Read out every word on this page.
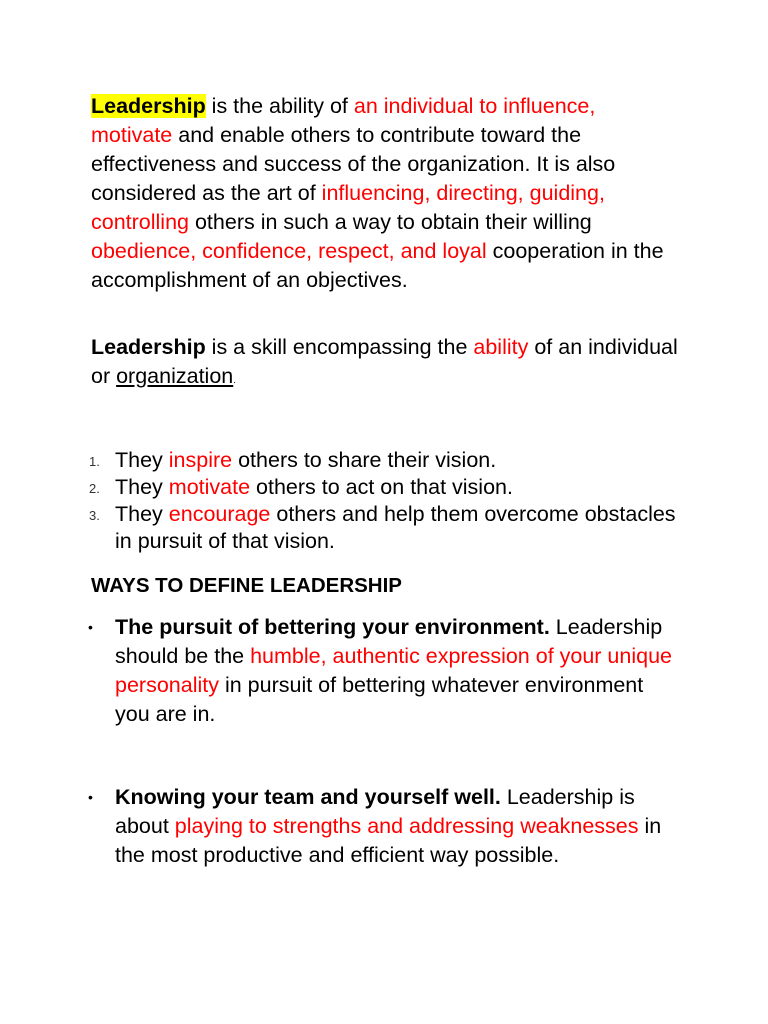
Leadership is the ability of an individual to influence, motivate and enable others to contribute toward the effectiveness and success of the organization. It is also considered as the art of influencing, directing, guiding, controlling others in such a way to obtain their willing obedience, confidence, respect, and loyal cooperation in the accomplishment of an objectives.

Leadership is a skill encompassing the ability of an individual or organization.

1. They inspire others to share their vision.
2. They motivate others to act on that vision.
3. They encourage others and help them overcome obstacles in pursuit of that vision.
WAYS TO DEFINE LEADERSHIP
• The pursuit of bettering your environment. Leadership should be the humble, authentic expression of your unique personality in pursuit of bettering whatever environment you are in.
• Knowing your team and yourself well. Leadership is about playing to strengths and addressing weaknesses in the most productive and efficient way possible.
